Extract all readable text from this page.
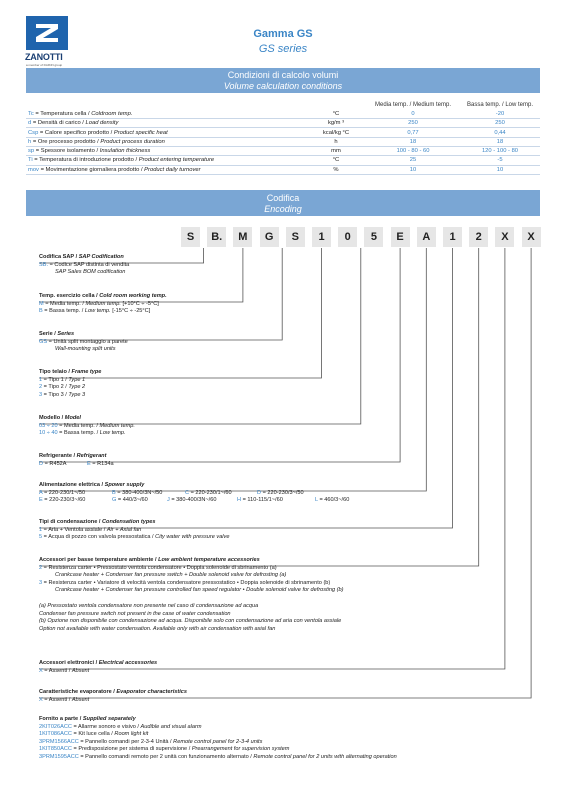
ZANOTTI
a member of DAIKIN group
Gamma GS
GS series
Condizioni di calcolo volumi
Volume calculation conditions
		Media temp. / Medium temp.	Bassa temp. / Low temp.
Tc = Temperatura cella / Coldroom temp.	°C	0	-20
d = Densità di carico / Load density	kg/m ³	250	250
Csp = Calore specifico prodotto / Product specific heat	kcal/kg °C	0,77	0,44
h = Ore processo prodotto / Product process duration	h	18	18
sp = Spessore isolamento / Insulation thickness	mm	100 - 80 - 60	120 - 100 - 80
Ti = Temperatura di introduzione prodotto / Product entering temperature	°C	25	-5
mov = Movimentazione giornaliera prodotto / Product daily turnover	%	10	10
Codifica
Encoding
S	B.	M	G	S	1	0	5	E	A	1	2	X	X
Codifica SAP / SAP Codification
SB. = Codice SAP distinta di vendita
SAP Sales BOM codification
Temp. esercizio cella / Cold room working temp.
M = Media temp. / Medium temp. [+10°C ÷ -5°C]
B = Bassa temp. / Low temp. [-15°C ÷ -25°C]
Serie / Series
GS = Unità split montaggio a parete
Wall-mounting split units
Tipo telaio / Frame type
1 = Tipo 1 / Type 1
2 = Tipo 2 / Type 2
3 = Tipo 3 / Type 3
Modello / Model
03 ÷ 20 = Media temp. / Medium temp.
10 ÷ 40 = Bassa temp. / Low temp.
Refrigerante / Refrigerant
D = R452A	E = R134a
Alimentazione elettrica / Spower supply
A = 220-230/1~/50	B = 380-400/3N~/50	C = 220-230/1~/60	D = 220-230/3~/50
E = 220-230/3~/60	G = 440/3~/60	J = 380-400/3N~/60	H = 110-115/1~/60	L = 460/3~/60
Tipi di condensazione / Condensation types
1 = Aria + Ventola assiale / Air + Axial fan
5 = Acqua di pozzo con valvola pressostatica / City water with pressure valve
Accessori per basse temperature ambiente / Low ambient temperature accessories
2 = Resistenza carter • Pressostato ventola condensatore • Doppia solenoide di sbrinamento (a)
Crankcase heater + Condenser fan pressure switch + Double solenoid valve for defrosting (a)
3 = Resistenza carter • Variatore di velocità ventola condensatore pressostatico • Doppia solenoide di sbrinamento (b)
Crankcase heater + Condenser fan pressure controlled fan speed regulator • Double solenoid valve for defrosting (b)
(a) Pressostato ventola condensatore non presente nel caso di condensazione ad acqua
Condenser fan pressure switch not present in the case of water condensation
(b) Opzione non disponibile con condensazione ad acqua. Disponibile solo con condensazione ad aria con ventola assiale
Option not available with water condensation. Available only with air condensation with axial fan
Accessori elettronici / Electrical accessories
X = Assenti / Absent
Caratteristiche evaporatore / Evaporator characteristics
X = Assenti / Absent
Fornito a parte / Supplied separately
2KIT026ACC = Allarme sonoro e visivo / Audible and visual alarm
1KIT086ACC = Kit luce cella / Room light kit
3PRM1566ACC = Pannello comandi per 2-3-4 Unità / Remote control panel for 2-3-4 units
1KIT850ACC = Predisposizione per sistema di supervisione / Prearrangement for supervision system
3PRM1595ACC = Pannello comandi remoto per 2 unità con funzionamento alternato / Remote control panel for 2 units with alternating operation
